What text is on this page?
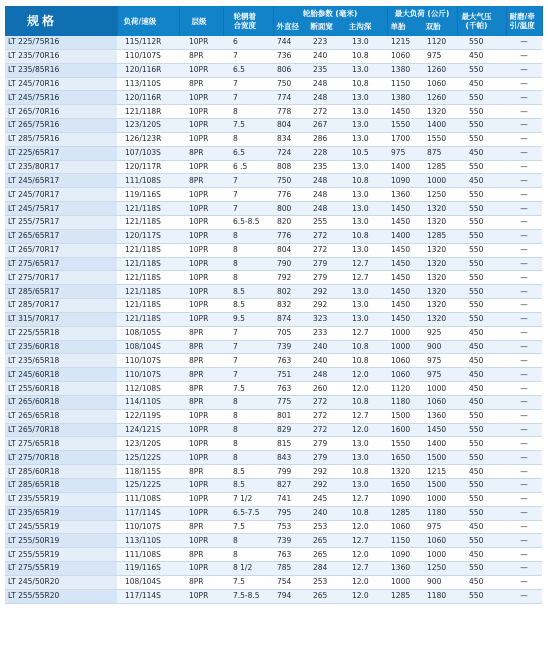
规格	负荷/速级	层级	轮辋着
合宽度	轮胎参数 (毫米)
外直径 断面宽 主沟深			最大负荷 (公斤)
单胎 双胎		最大气压
(千帕)	耐磨/牵
引/温度

LT 225/75R16	115/112R	10PR	6	744	223	13.0	1215	1120	550	—
LT 235/70R16	110/107S	8PR	7	736	240	10.8	1060	975	450	—
LT 235/85R16	120/116R	10PR	6.5	806	235	13.0	1380	1260	550	—
LT 245/70R16	113/110S	8PR	7	750	248	10.8	1150	1060	450	—
LT 245/75R16	120/116R	10PR	7	774	248	13.0	1380	1260	550	—
LT 265/70R16	121/118R	10PR	8	778	272	13.0	1450	1320	550	—
LT 265/75R16	123/120S	10PR	7.5	804	267	13.0	1550	1400	550	—
LT 285/75R16	126/123R	10PR	8	834	286	13.0	1700	1550	550	—
LT 225/65R17	107/103S	8PR	6.5	724	228	10.5	975	875	450	—
LT 235/80R17	120/117R	10PR	6 .5	808	235	13.0	1400	1285	550	—
LT 245/65R17	111/108S	8PR	7	750	248	10.8	1090	1000	450	—
LT 245/70R17	119/116S	10PR	7	776	248	13.0	1360	1250	550	—
LT 245/75R17	121/118S	10PR	7	800	248	13.0	1450	1320	550	—
LT 255/75R17	121/118S	10PR	6.5-8.5	820	255	13.0	1450	1320	550	—
LT 265/65R17	120/117S	10PR	8	776	272	10.8	1400	1285	550	—
LT 265/70R17	121/118S	10PR	8	804	272	13.0	1450	1320	550	—
LT 275/65R17	121/118S	10PR	8	790	279	12.7	1450	1320	550	—
LT 275/70R17	121/118S	10PR	8	792	279	12.7	1450	1320	550	—
LT 285/65R17	121/118S	10PR	8.5	802	292	13.0	1450	1320	550	—
LT 285/70R17	121/118S	10PR	8.5	832	292	13.0	1450	1320	550	—
LT 315/70R17	121/118S	10PR	9.5	874	323	13.0	1450	1320	550	—
LT 225/55R18	108/105S	8PR	7	705	233	12.7	1000	925	450	—
LT 235/60R18	108/104S	8PR	7	739	240	10.8	1000	900	450	—
LT 235/65R18	110/107S	8PR	7	763	240	10.8	1060	975	450	—
LT 245/60R18	110/107S	8PR	7	751	248	12.0	1060	975	450	—
LT 255/60R18	112/108S	8PR	7.5	763	260	12.0	1120	1000	450	—
LT 265/60R18	114/110S	8PR	8	775	272	10.8	1180	1060	450	—
LT 265/65R18	122/119S	10PR	8	801	272	12.7	1500	1360	550	—
LT 265/70R18	124/121S	10PR	8	829	272	12.0	1600	1450	550	—
LT 275/65R18	123/120S	10PR	8	815	279	13.0	1550	1400	550	—
LT 275/70R18	125/122S	10PR	8	843	279	13.0	1650	1500	550	—
LT 285/60R18	118/115S	8PR	8.5	799	292	10.8	1320	1215	450	—
LT 285/65R18	125/122S	10PR	8.5	827	292	13.0	1650	1500	550	—
LT 235/55R19	111/108S	10PR	7 1/2	741	245	12.7	1090	1000	550	—
LT 235/65R19	117/114S	10PR	6.5-7.5	795	240	10.8	1285	1180	550	—
LT 245/55R19	110/107S	8PR	7.5	753	253	12.0	1060	975	450	—
LT 255/50R19	113/110S	10PR	8	739	265	12.7	1150	1060	550	—
LT 255/55R19	111/108S	8PR	8	763	265	12.0	1090	1000	450	—
LT 275/55R19	119/116S	10PR	8 1/2	785	284	12.7	1360	1250	550	—
LT 245/50R20	108/104S	8PR	7.5	754	253	12.0	1000	900	450	—
LT 255/55R20	117/114S	10PR	7.5-8.5	794	265	12.0	1285	1180	550	—
